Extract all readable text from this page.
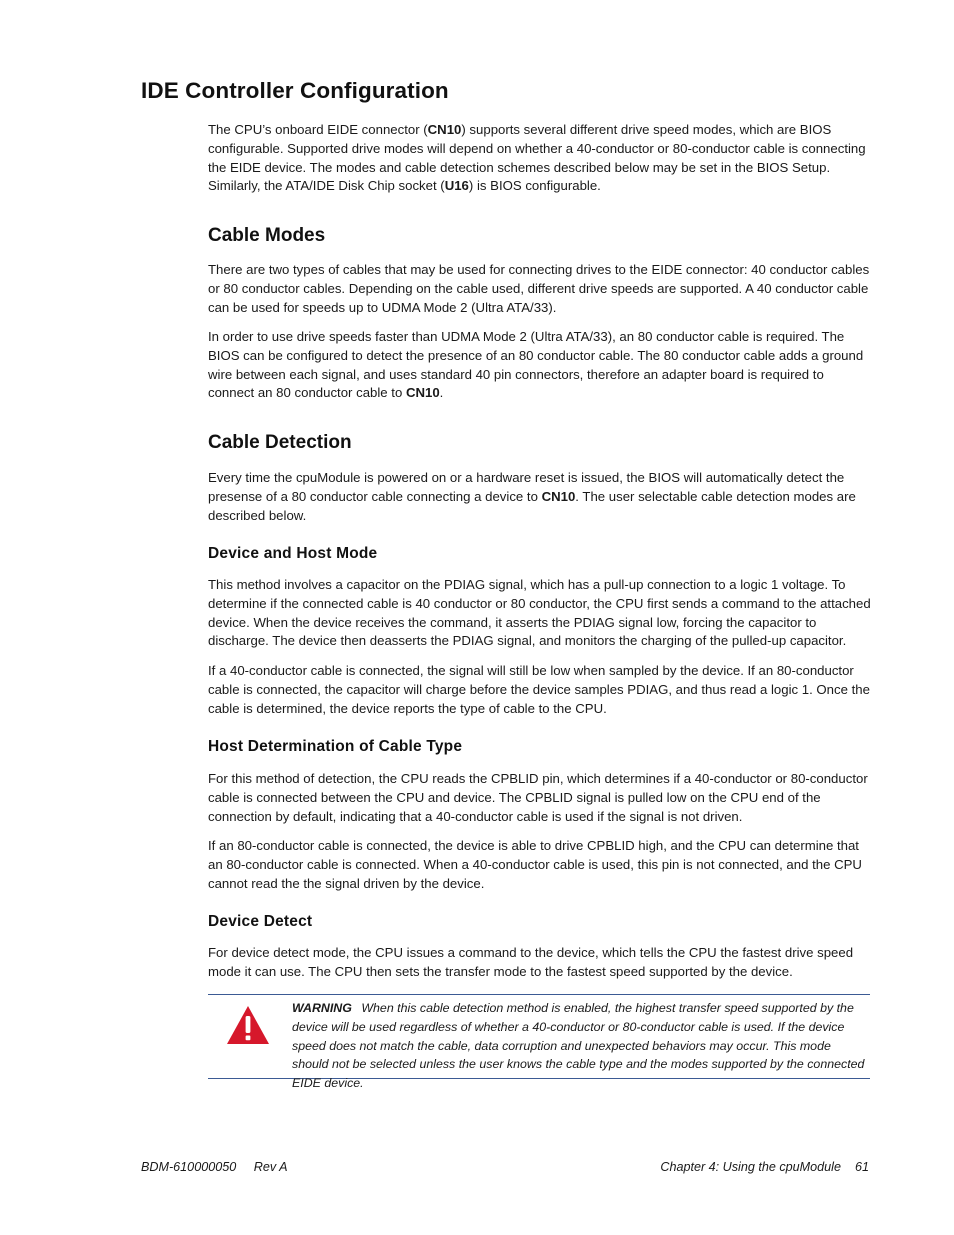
IDE Controller Configuration

The CPU’s onboard EIDE connector (CN10) supports several different drive speed modes, which are BIOS configurable. Supported drive modes will depend on whether a 40-conductor or 80-conductor cable is connecting the EIDE device. The modes and cable detection schemes described below may be set in the BIOS Setup. Similarly, the ATA/IDE Disk Chip socket (U16) is BIOS configurable.

Cable Modes

There are two types of cables that may be used for connecting drives to the EIDE connector: 40 conductor cables or 80 conductor cables. Depending on the cable used, different drive speeds are supported. A 40 conductor cable can be used for speeds up to UDMA Mode 2 (Ultra ATA/33).

In order to use drive speeds faster than UDMA Mode 2 (Ultra ATA/33), an 80 conductor cable is required. The BIOS can be configured to detect the presence of an 80 conductor cable. The 80 conductor cable adds a ground wire between each signal, and uses standard 40 pin connectors, therefore an adapter board is required to connect an 80 conductor cable to CN10.

Cable Detection

Every time the cpuModule is powered on or a hardware reset is issued, the BIOS will automatically detect the presense of a 80 conductor cable connecting a device to CN10. The user selectable cable detection modes are described below.

Device and Host Mode

This method involves a capacitor on the PDIAG signal, which has a pull-up connection to a logic 1 voltage. To determine if the connected cable is 40 conductor or 80 conductor, the CPU first sends a command to the attached device. When the device receives the command, it asserts the PDIAG signal low, forcing the capacitor to discharge. The device then deasserts the PDIAG signal, and monitors the charging of the pulled-up capacitor.

If a 40-conductor cable is connected, the signal will still be low when sampled by the device. If an 80-conductor cable is connected, the capacitor will charge before the device samples PDIAG, and thus read a logic 1. Once the cable is determined, the device reports the type of cable to the CPU.

Host Determination of Cable Type

For this method of detection, the CPU reads the CPBLID pin, which determines if a 40-conductor or 80-conductor cable is connected between the CPU and device. The CPBLID signal is pulled low on the CPU end of the connection by default, indicating that a 40-conductor cable is used if the signal is not driven.

If an 80-conductor cable is connected, the device is able to drive CPBLID high, and the CPU can determine that an 80-conductor cable is connected. When a 40-conductor cable is used, this pin is not connected, and the CPU cannot read the the signal driven by the device.

Device Detect

For device detect mode, the CPU issues a command to the device, which tells the CPU the fastest drive speed mode it can use. The CPU then sets the transfer mode to the fastest speed supported by the device.

WARNING When this cable detection method is enabled, the highest transfer speed supported by the device will be used regardless of whether a 40-conductor or 80-conductor cable is used. If the device speed does not match the cable, data corruption and unexpected behaviors may occur. This mode should not be selected unless the user knows the cable type and the modes supported by the connected EIDE device.

BDM-610000050 Rev A	Chapter 4: Using the cpuModule 61
